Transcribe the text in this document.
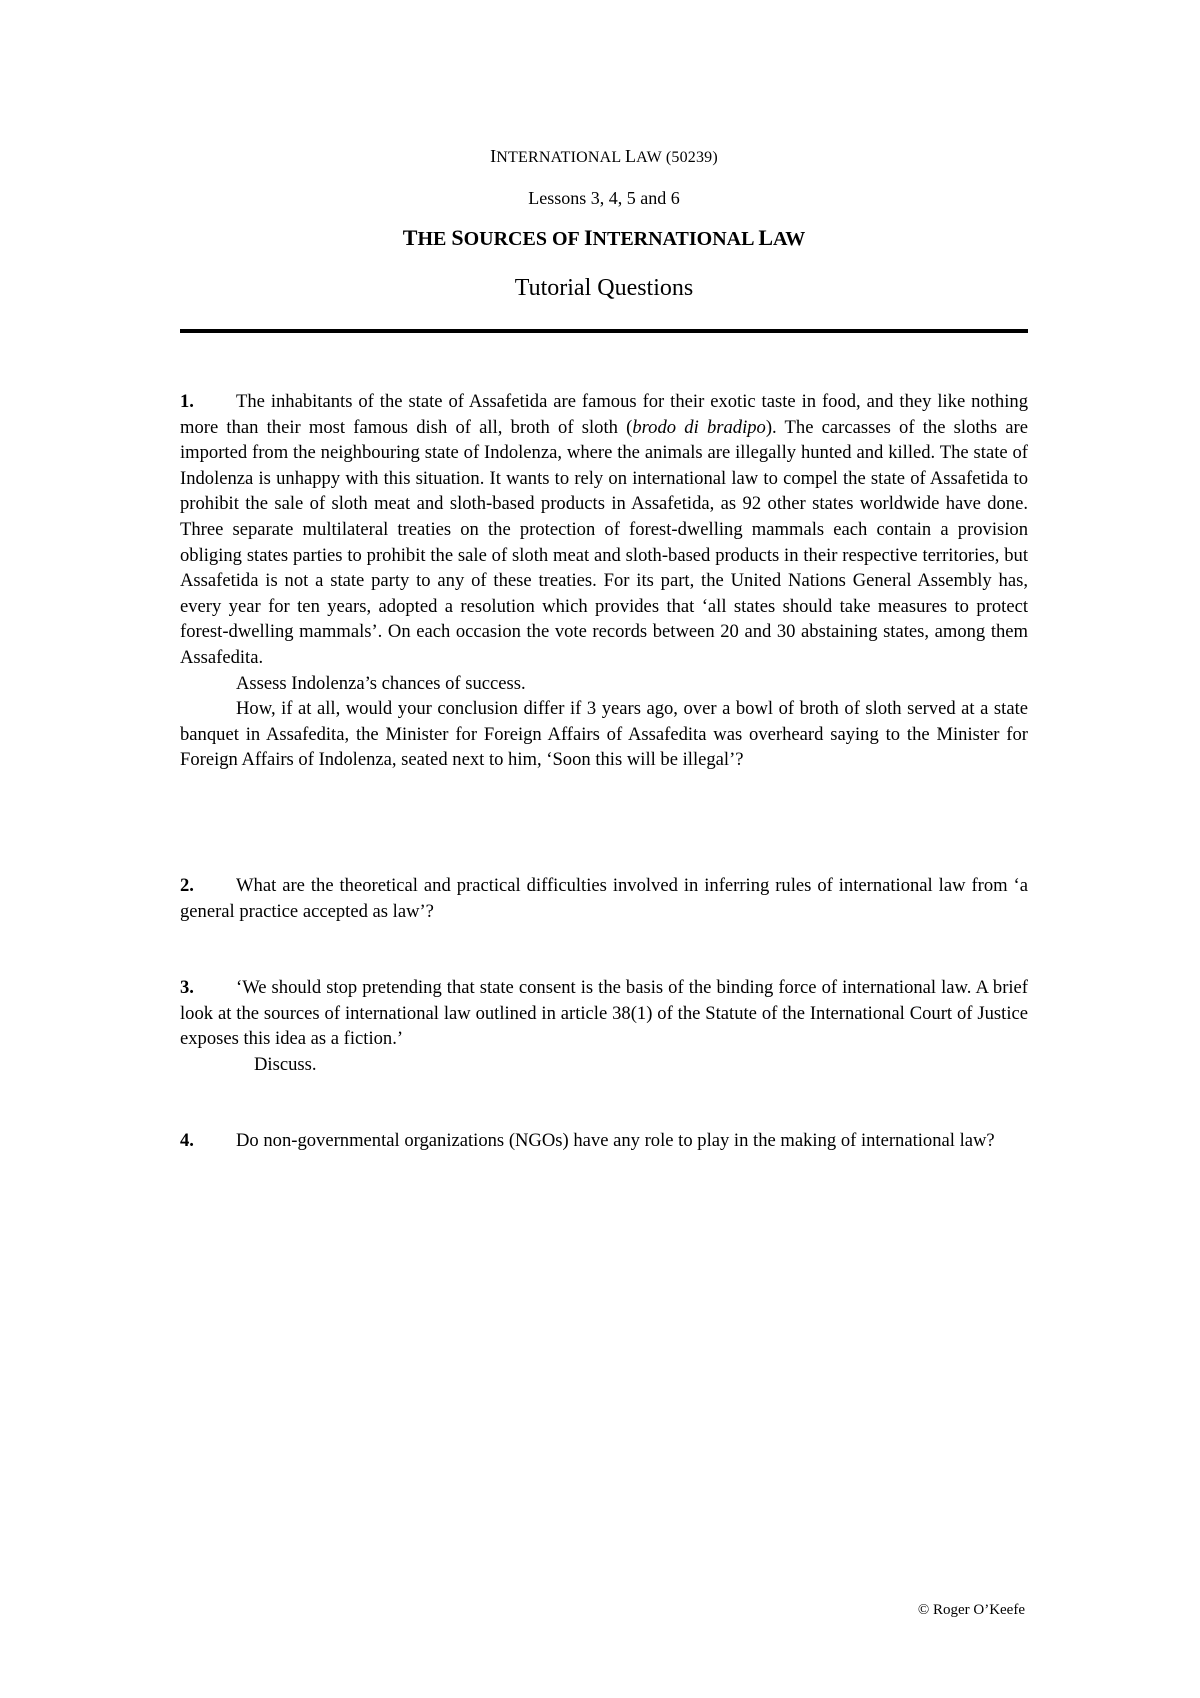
INTERNATIONAL LAW (50239)

Lessons 3, 4, 5 and 6

THE SOURCES OF INTERNATIONAL LAW

Tutorial Questions

1. The inhabitants of the state of Assafetida are famous for their exotic taste in food, and they like nothing more than their most famous dish of all, broth of sloth (brodo di bradipo). The carcasses of the sloths are imported from the neighbouring state of Indolenza, where the animals are illegally hunted and killed. The state of Indolenza is unhappy with this situation. It wants to rely on international law to compel the state of Assafetida to prohibit the sale of sloth meat and sloth-based products in Assafetida, as 92 other states worldwide have done. Three separate multilateral treaties on the protection of forest-dwelling mammals each contain a provision obliging states parties to prohibit the sale of sloth meat and sloth-based products in their respective territories, but Assafetida is not a state party to any of these treaties. For its part, the United Nations General Assembly has, every year for ten years, adopted a resolution which provides that ‘all states should take measures to protect forest-dwelling mammals’. On each occasion the vote records between 20 and 30 abstaining states, among them Assafedita.

Assess Indolenza’s chances of success.

How, if at all, would your conclusion differ if 3 years ago, over a bowl of broth of sloth served at a state banquet in Assafedita, the Minister for Foreign Affairs of Assafedita was overheard saying to the Minister for Foreign Affairs of Indolenza, seated next to him, ‘Soon this will be illegal’?

2. What are the theoretical and practical difficulties involved in inferring rules of international law from ‘a general practice accepted as law’?

3. ‘We should stop pretending that state consent is the basis of the binding force of international law. A brief look at the sources of international law outlined in article 38(1) of the Statute of the International Court of Justice exposes this idea as a fiction.’

Discuss.

4. Do non-governmental organizations (NGOs) have any role to play in the making of international law?

© Roger O’Keefe
